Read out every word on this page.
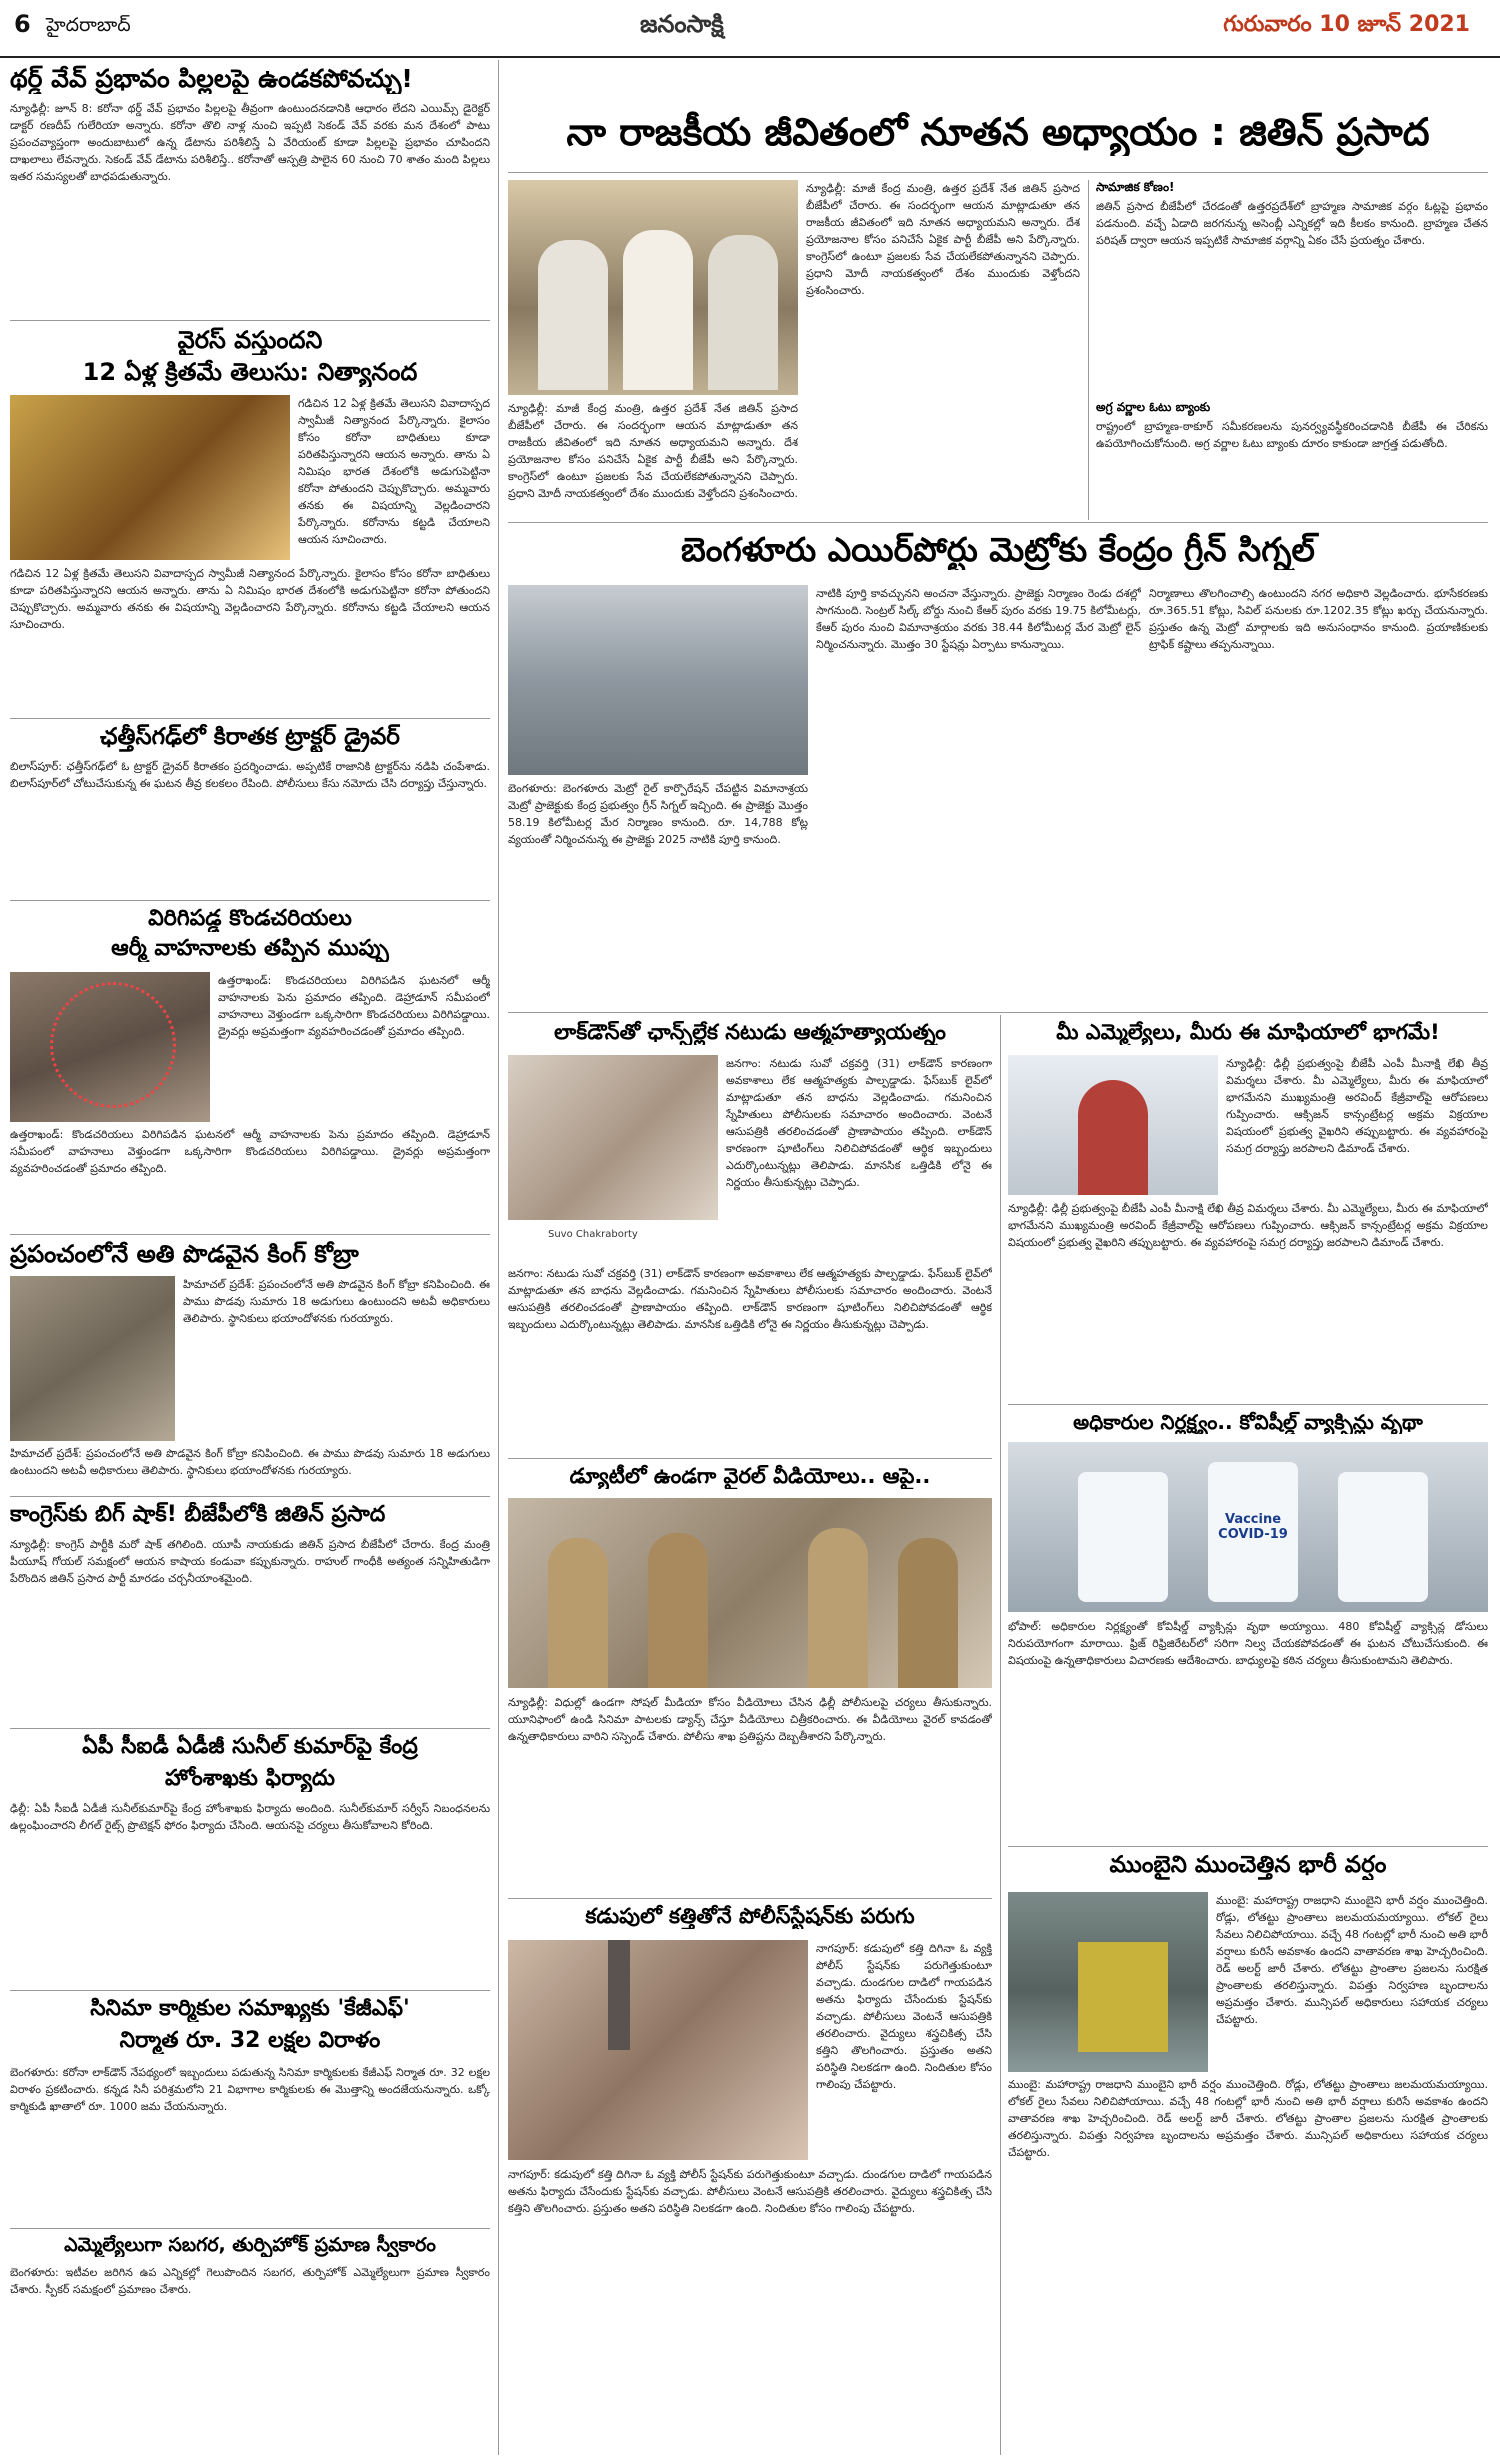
6 హైదరాబాద్	జనంసాక్షి	గురువారం 10 జూన్ 2021
థర్డ్ వేవ్ ప్రభావం పిల్లలపై ఉండకపోవచ్చు!
న్యూఢిల్లీ: జూన్ 8: కరోనా థర్డ్ వేవ్ ప్రభావం పిల్లలపై తీవ్రంగా ఉంటుందనడానికి ఆధారం లేదని ఎయిమ్స్ డైరెక్టర్ డాక్టర్ రణదీప్ గులేరియా అన్నారు. కరోనా తొలి నాళ్ల నుంచి ఇప్పటి సెకండ్ వేవ్ వరకు మన దేశంలో పాటు ప్రపంచవ్యాప్తంగా అందుబాటులో ఉన్న డేటాను పరిశీలిస్తే ఏ వేరియంట్ కూడా పిల్లలపై ప్రభావం చూపిందని దాఖలాలు లేవన్నారు. సెకండ్ వేవ్ డేటాను పరిశీలిస్తే.. కరోనాతో ఆస్పత్రి పాలైన 60 నుంచి 70 శాతం మంది పిల్లలు ఇతర సమస్యలతో బాధపడుతున్నారు.
వైరస్ వస్తుందని
12 ఏళ్ల క్రితమే తెలుసు: నిత్యానంద
గడిచిన 12 ఏళ్ల క్రితమే తెలుసని వివాదాస్పద స్వామీజీ నిత్యానంద పేర్కొన్నారు. కైలాసం కోసం కరోనా బాధితులు కూడా పరితపిస్తున్నారని ఆయన అన్నారు. తాను ఏ నిమిషం భారత దేశంలోకి అడుగుపెట్టినా కరోనా పోతుందని చెప్పుకొచ్చారు. అమ్మవారు తనకు ఈ విషయాన్ని వెల్లడించారని పేర్కొన్నారు. కరోనాను కట్టడి చేయాలని ఆయన సూచించారు.
గడిచిన 12 ఏళ్ల క్రితమే తెలుసని వివాదాస్పద స్వామీజీ నిత్యానంద పేర్కొన్నారు. కైలాసం కోసం కరోనా బాధితులు కూడా పరితపిస్తున్నారని ఆయన అన్నారు. తాను ఏ నిమిషం భారత దేశంలోకి అడుగుపెట్టినా కరోనా పోతుందని చెప్పుకొచ్చారు. అమ్మవారు తనకు ఈ విషయాన్ని వెల్లడించారని పేర్కొన్నారు. కరోనాను కట్టడి చేయాలని ఆయన సూచించారు.
ఛత్తీస్‌గఢ్‌లో కిరాతక ట్రాక్టర్ డ్రైవర్
బిలాస్‌పూర్: ఛత్తీస్‌గఢ్‌లో ఓ ట్రాక్టర్ డ్రైవర్ కిరాతకం ప్రదర్శించాడు. అప్పటికే రాజానికి ట్రాక్టర్‌ను నడిపి చంపేశాడు. బిలాస్‌పూర్‌లో చోటుచేసుకున్న ఈ ఘటన తీవ్ర కలకలం రేపింది. పోలీసులు కేసు నమోదు చేసి దర్యాప్తు చేస్తున్నారు.
విరిగిపడ్డ కొండచరియలు
ఆర్మీ వాహనాలకు తప్పిన ముప్పు
ఉత్తరాఖండ్: కొండచరియలు విరిగిపడిన ఘటనలో ఆర్మీ వాహనాలకు పెను ప్రమాదం తప్పింది. డెహ్రాడూన్ సమీపంలో వాహనాలు వెళ్తుండగా ఒక్కసారిగా కొండచరియలు విరిగిపడ్డాయి. డ్రైవర్లు అప్రమత్తంగా వ్యవహరించడంతో ప్రమాదం తప్పింది.
ఉత్తరాఖండ్: కొండచరియలు విరిగిపడిన ఘటనలో ఆర్మీ వాహనాలకు పెను ప్రమాదం తప్పింది. డెహ్రాడూన్ సమీపంలో వాహనాలు వెళ్తుండగా ఒక్కసారిగా కొండచరియలు విరిగిపడ్డాయి. డ్రైవర్లు అప్రమత్తంగా వ్యవహరించడంతో ప్రమాదం తప్పింది.
ప్రపంచంలోనే అతి పొడవైన కింగ్ కోబ్రా
హిమాచల్ ప్రదేశ్: ప్రపంచంలోనే అతి పొడవైన కింగ్ కోబ్రా కనిపించింది. ఈ పాము పొడవు సుమారు 18 అడుగులు ఉంటుందని అటవీ అధికారులు తెలిపారు. స్థానికులు భయాందోళనకు గురయ్యారు.
హిమాచల్ ప్రదేశ్: ప్రపంచంలోనే అతి పొడవైన కింగ్ కోబ్రా కనిపించింది. ఈ పాము పొడవు సుమారు 18 అడుగులు ఉంటుందని అటవీ అధికారులు తెలిపారు. స్థానికులు భయాందోళనకు గురయ్యారు.
కాంగ్రెస్‌కు బిగ్ షాక్! బీజేపీలోకి జితిన్ ప్రసాద
న్యూఢిల్లీ: కాంగ్రెస్ పార్టీకి మరో షాక్ తగిలింది. యూపీ నాయకుడు జితిన్ ప్రసాద బీజేపీలో చేరారు. కేంద్ర మంత్రి పీయూష్ గోయల్ సమక్షంలో ఆయన కాషాయ కండువా కప్పుకున్నారు. రాహుల్ గాంధీకి అత్యంత సన్నిహితుడిగా పేరొందిన జితిన్ ప్రసాద పార్టీ మారడం చర్చనీయాంశమైంది.
ఏపీ సీఐడీ ఏడీజీ సునీల్ కుమార్‌పై కేంద్ర
హోంశాఖకు ఫిర్యాదు
ఢిల్లీ: ఏపీ సీఐడీ ఏడీజీ సునీల్‌కుమార్‌పై కేంద్ర హోంశాఖకు ఫిర్యాదు అందింది. సునీల్‌కుమార్ సర్వీస్ నిబంధనలను ఉల్లంఘించారని లీగల్ రైట్స్ ప్రొటెక్షన్ ఫోరం ఫిర్యాదు చేసింది. ఆయనపై చర్యలు తీసుకోవాలని కోరింది.
సినిమా కార్మికుల సమాఖ్యకు 'కేజీఎఫ్'
నిర్మాత రూ. 32 లక్షల విరాళం
బెంగళూరు: కరోనా లాక్‌డౌన్ నేపథ్యంలో ఇబ్బందులు పడుతున్న సినిమా కార్మికులకు కేజీఎఫ్ నిర్మాత రూ. 32 లక్షల విరాళం ప్రకటించారు. కన్నడ సినీ పరిశ్రమలోని 21 విభాగాల కార్మికులకు ఈ మొత్తాన్ని అందజేయనున్నారు. ఒక్కో కార్మికుడి ఖాతాలో రూ. 1000 జమ చేయనున్నారు.
ఎమ్మెల్యేలుగా సబగర, తుర్పిహోక్ ప్రమాణ స్వీకారం
బెంగళూరు: ఇటీవల జరిగిన ఉప ఎన్నికల్లో గెలుపొందిన సబగర, తుర్పిహోక్ ఎమ్మెల్యేలుగా ప్రమాణ స్వీకారం చేశారు. స్పీకర్ సమక్షంలో ప్రమాణం చేశారు.
నా రాజకీయ జీవితంలో నూతన అధ్యాయం : జితిన్ ప్రసాద
న్యూఢిల్లీ: మాజీ కేంద్ర మంత్రి, ఉత్తర ప్రదేశ్ నేత జితిన్ ప్రసాద బీజేపీలో చేరారు. ఈ సందర్భంగా ఆయన మాట్లాడుతూ తన రాజకీయ జీవితంలో ఇది నూతన అధ్యాయమని అన్నారు. దేశ ప్రయోజనాల కోసం పనిచేసే ఏకైక పార్టీ బీజేపీ అని పేర్కొన్నారు. కాంగ్రెస్‌లో ఉంటూ ప్రజలకు సేవ చేయలేకపోతున్నానని చెప్పారు. ప్రధాని మోదీ నాయకత్వంలో దేశం ముందుకు వెళ్తోందని ప్రశంసించారు.
న్యూఢిల్లీ: మాజీ కేంద్ర మంత్రి, ఉత్తర ప్రదేశ్ నేత జితిన్ ప్రసాద బీజేపీలో చేరారు. ఈ సందర్భంగా ఆయన మాట్లాడుతూ తన రాజకీయ జీవితంలో ఇది నూతన అధ్యాయమని అన్నారు. దేశ ప్రయోజనాల కోసం పనిచేసే ఏకైక పార్టీ బీజేపీ అని పేర్కొన్నారు. కాంగ్రెస్‌లో ఉంటూ ప్రజలకు సేవ చేయలేకపోతున్నానని చెప్పారు. ప్రధాని మోదీ నాయకత్వంలో దేశం ముందుకు వెళ్తోందని ప్రశంసించారు.
సామాజిక కోణం!
జితిన్ ప్రసాద బీజేపీలో చేరడంతో ఉత్తరప్రదేశ్‌లో బ్రాహ్మణ సామాజిక వర్గం ఓట్లపై ప్రభావం పడనుంది. వచ్చే ఏడాది జరగనున్న అసెంబ్లీ ఎన్నికల్లో ఇది కీలకం కానుంది. బ్రాహ్మణ చేతన పరిషత్ ద్వారా ఆయన ఇప్పటికే సామాజిక వర్గాన్ని ఏకం చేసే ప్రయత్నం చేశారు.
అగ్ర వర్ణాల ఓటు బ్యాంకు
రాష్ట్రంలో బ్రాహ్మణ-ఠాకూర్ సమీకరణలను పునర్వ్యవస్థీకరించడానికి బీజేపీ ఈ చేరికను ఉపయోగించుకోనుంది. అగ్ర వర్ణాల ఓటు బ్యాంకు దూరం కాకుండా జాగ్రత్త పడుతోంది.
బెంగళూరు ఎయిర్‌పోర్టు మెట్రోకు కేంద్రం గ్రీన్ సిగ్నల్
బెంగళూరు: బెంగళూరు మెట్రో రైల్ కార్పొరేషన్ చేపట్టిన విమానాశ్రయ మెట్రో ప్రాజెక్టుకు కేంద్ర ప్రభుత్వం గ్రీన్ సిగ్నల్ ఇచ్చింది. ఈ ప్రాజెక్టు మొత్తం 58.19 కిలోమీటర్ల మేర నిర్మాణం కానుంది. రూ. 14,788 కోట్ల వ్యయంతో నిర్మించనున్న ఈ ప్రాజెక్టు 2025 నాటికి పూర్తి కానుంది.
నాటికి పూర్తి కావచ్చునని అంచనా వేస్తున్నారు. ప్రాజెక్టు నిర్మాణం రెండు దశల్లో సాగనుంది. సెంట్రల్ సిల్క్ బోర్డు నుంచి కేఆర్ పురం వరకు 19.75 కిలోమీటర్లు, కేఆర్ పురం నుంచి విమానాశ్రయం వరకు 38.44 కిలోమీటర్ల మేర మెట్రో లైన్ నిర్మించనున్నారు. మొత్తం 30 స్టేషన్లు ఏర్పాటు కానున్నాయి.
నిర్మాణాలు తొలగించాల్సి ఉంటుందని నగర అధికారి వెల్లడించారు. భూసేకరణకు రూ.365.51 కోట్లు, సివిల్ పనులకు రూ.1202.35 కోట్లు ఖర్చు చేయనున్నారు. ప్రస్తుతం ఉన్న మెట్రో మార్గాలకు ఇది అనుసంధానం కానుంది. ప్రయాణికులకు ట్రాఫిక్ కష్టాలు తప్పనున్నాయి.
లాక్‌డౌన్‌తో ఛాన్స్‌ల్లేక నటుడు ఆత్మహత్యాయత్నం
Suvo Chakraborty
జనగాం: నటుడు సువో చక్రవర్తి (31) లాక్‌డౌన్ కారణంగా అవకాశాలు లేక ఆత్మహత్యకు పాల్పడ్డాడు. ఫేస్‌బుక్ లైవ్‌లో మాట్లాడుతూ తన బాధను వెల్లడించాడు. గమనించిన స్నేహితులు పోలీసులకు సమాచారం అందించారు. వెంటనే ఆసుపత్రికి తరలించడంతో ప్రాణాపాయం తప్పింది. లాక్‌డౌన్ కారణంగా షూటింగ్‌లు నిలిచిపోవడంతో ఆర్థిక ఇబ్బందులు ఎదుర్కొంటున్నట్లు తెలిపాడు. మానసిక ఒత్తిడికి లోనై ఈ నిర్ణయం తీసుకున్నట్లు చెప్పాడు.
జనగాం: నటుడు సువో చక్రవర్తి (31) లాక్‌డౌన్ కారణంగా అవకాశాలు లేక ఆత్మహత్యకు పాల్పడ్డాడు. ఫేస్‌బుక్ లైవ్‌లో మాట్లాడుతూ తన బాధను వెల్లడించాడు. గమనించిన స్నేహితులు పోలీసులకు సమాచారం అందించారు. వెంటనే ఆసుపత్రికి తరలించడంతో ప్రాణాపాయం తప్పింది. లాక్‌డౌన్ కారణంగా షూటింగ్‌లు నిలిచిపోవడంతో ఆర్థిక ఇబ్బందులు ఎదుర్కొంటున్నట్లు తెలిపాడు. మానసిక ఒత్తిడికి లోనై ఈ నిర్ణయం తీసుకున్నట్లు చెప్పాడు.
మీ ఎమ్మెల్యేలు, మీరు ఈ మాఫియాలో భాగమే!
న్యూఢిల్లీ: ఢిల్లీ ప్రభుత్వంపై బీజేపీ ఎంపీ మీనాక్షి లేఖి తీవ్ర విమర్శలు చేశారు. మీ ఎమ్మెల్యేలు, మీరు ఈ మాఫియాలో భాగమేనని ముఖ్యమంత్రి అరవింద్ కేజ్రీవాల్‌పై ఆరోపణలు గుప్పించారు. ఆక్సిజన్ కాన్సంట్రేటర్ల అక్రమ విక్రయాల విషయంలో ప్రభుత్వ వైఖరిని తప్పుబట్టారు. ఈ వ్యవహారంపై సమగ్ర దర్యాప్తు జరపాలని డిమాండ్ చేశారు.
న్యూఢిల్లీ: ఢిల్లీ ప్రభుత్వంపై బీజేపీ ఎంపీ మీనాక్షి లేఖి తీవ్ర విమర్శలు చేశారు. మీ ఎమ్మెల్యేలు, మీరు ఈ మాఫియాలో భాగమేనని ముఖ్యమంత్రి అరవింద్ కేజ్రీవాల్‌పై ఆరోపణలు గుప్పించారు. ఆక్సిజన్ కాన్సంట్రేటర్ల అక్రమ విక్రయాల విషయంలో ప్రభుత్వ వైఖరిని తప్పుబట్టారు. ఈ వ్యవహారంపై సమగ్ర దర్యాప్తు జరపాలని డిమాండ్ చేశారు.
అధికారుల నిర్లక్ష్యం.. కోవిషీల్డ్ వ్యాక్సిన్లు వృథా
Vaccine COVID-19
భోపాల్: అధికారుల నిర్లక్ష్యంతో కోవిషీల్డ్ వ్యాక్సిన్లు వృథా అయ్యాయి. 480 కోవిషీల్డ్ వ్యాక్సిన్ల డోసులు నిరుపయోగంగా మారాయి. ఫ్రిజ్ రిఫ్రిజిరేటర్‌లో సరిగా నిల్వ చేయకపోవడంతో ఈ ఘటన చోటుచేసుకుంది. ఈ విషయంపై ఉన్నతాధికారులు విచారణకు ఆదేశించారు. బాధ్యులపై కఠిన చర్యలు తీసుకుంటామని తెలిపారు.
ముంబైని ముంచెత్తిన భారీ వర్షం
ముంబై: మహారాష్ట్ర రాజధాని ముంబైని భారీ వర్షం ముంచెత్తింది. రోడ్లు, లోతట్టు ప్రాంతాలు జలమయమయ్యాయి. లోకల్ రైలు సేవలు నిలిచిపోయాయి. వచ్చే 48 గంటల్లో భారీ నుంచి అతి భారీ వర్షాలు కురిసే అవకాశం ఉందని వాతావరణ శాఖ హెచ్చరించింది. రెడ్ అలర్ట్ జారీ చేశారు. లోతట్టు ప్రాంతాల ప్రజలను సురక్షిత ప్రాంతాలకు తరలిస్తున్నారు. విపత్తు నిర్వహణ బృందాలను అప్రమత్తం చేశారు. మున్సిపల్ అధికారులు సహాయక చర్యలు చేపట్టారు.
ముంబై: మహారాష్ట్ర రాజధాని ముంబైని భారీ వర్షం ముంచెత్తింది. రోడ్లు, లోతట్టు ప్రాంతాలు జలమయమయ్యాయి. లోకల్ రైలు సేవలు నిలిచిపోయాయి. వచ్చే 48 గంటల్లో భారీ నుంచి అతి భారీ వర్షాలు కురిసే అవకాశం ఉందని వాతావరణ శాఖ హెచ్చరించింది. రెడ్ అలర్ట్ జారీ చేశారు. లోతట్టు ప్రాంతాల ప్రజలను సురక్షిత ప్రాంతాలకు తరలిస్తున్నారు. విపత్తు నిర్వహణ బృందాలను అప్రమత్తం చేశారు. మున్సిపల్ అధికారులు సహాయక చర్యలు చేపట్టారు.
డ్యూటీలో ఉండగా వైరల్ వీడియోలు.. ఆపై..
న్యూఢిల్లీ: విధుల్లో ఉండగా సోషల్ మీడియా కోసం వీడియోలు చేసిన ఢిల్లీ పోలీసులపై చర్యలు తీసుకున్నారు. యూనిఫాంలో ఉండి సినిమా పాటలకు డ్యాన్స్ చేస్తూ వీడియోలు చిత్రీకరించారు. ఈ వీడియోలు వైరల్ కావడంతో ఉన్నతాధికారులు వారిని సస్పెండ్ చేశారు. పోలీసు శాఖ ప్రతిష్టను దెబ్బతీశారని పేర్కొన్నారు.
కడుపులో కత్తితోనే పోలీస్‌స్టేషన్‌కు పరుగు
నాగపూర్: కడుపులో కత్తి దిగినా ఓ వ్యక్తి పోలీస్ స్టేషన్‌కు పరుగెత్తుకుంటూ వచ్చాడు. దుండగుల దాడిలో గాయపడిన అతను ఫిర్యాదు చేసేందుకు స్టేషన్‌కు వచ్చాడు. పోలీసులు వెంటనే ఆసుపత్రికి తరలించారు. వైద్యులు శస్త్రచికిత్స చేసి కత్తిని తొలగించారు. ప్రస్తుతం అతని పరిస్థితి నిలకడగా ఉంది. నిందితుల కోసం గాలింపు చేపట్టారు.
నాగపూర్: కడుపులో కత్తి దిగినా ఓ వ్యక్తి పోలీస్ స్టేషన్‌కు పరుగెత్తుకుంటూ వచ్చాడు. దుండగుల దాడిలో గాయపడిన అతను ఫిర్యాదు చేసేందుకు స్టేషన్‌కు వచ్చాడు. పోలీసులు వెంటనే ఆసుపత్రికి తరలించారు. వైద్యులు శస్త్రచికిత్స చేసి కత్తిని తొలగించారు. ప్రస్తుతం అతని పరిస్థితి నిలకడగా ఉంది. నిందితుల కోసం గాలింపు చేపట్టారు.
